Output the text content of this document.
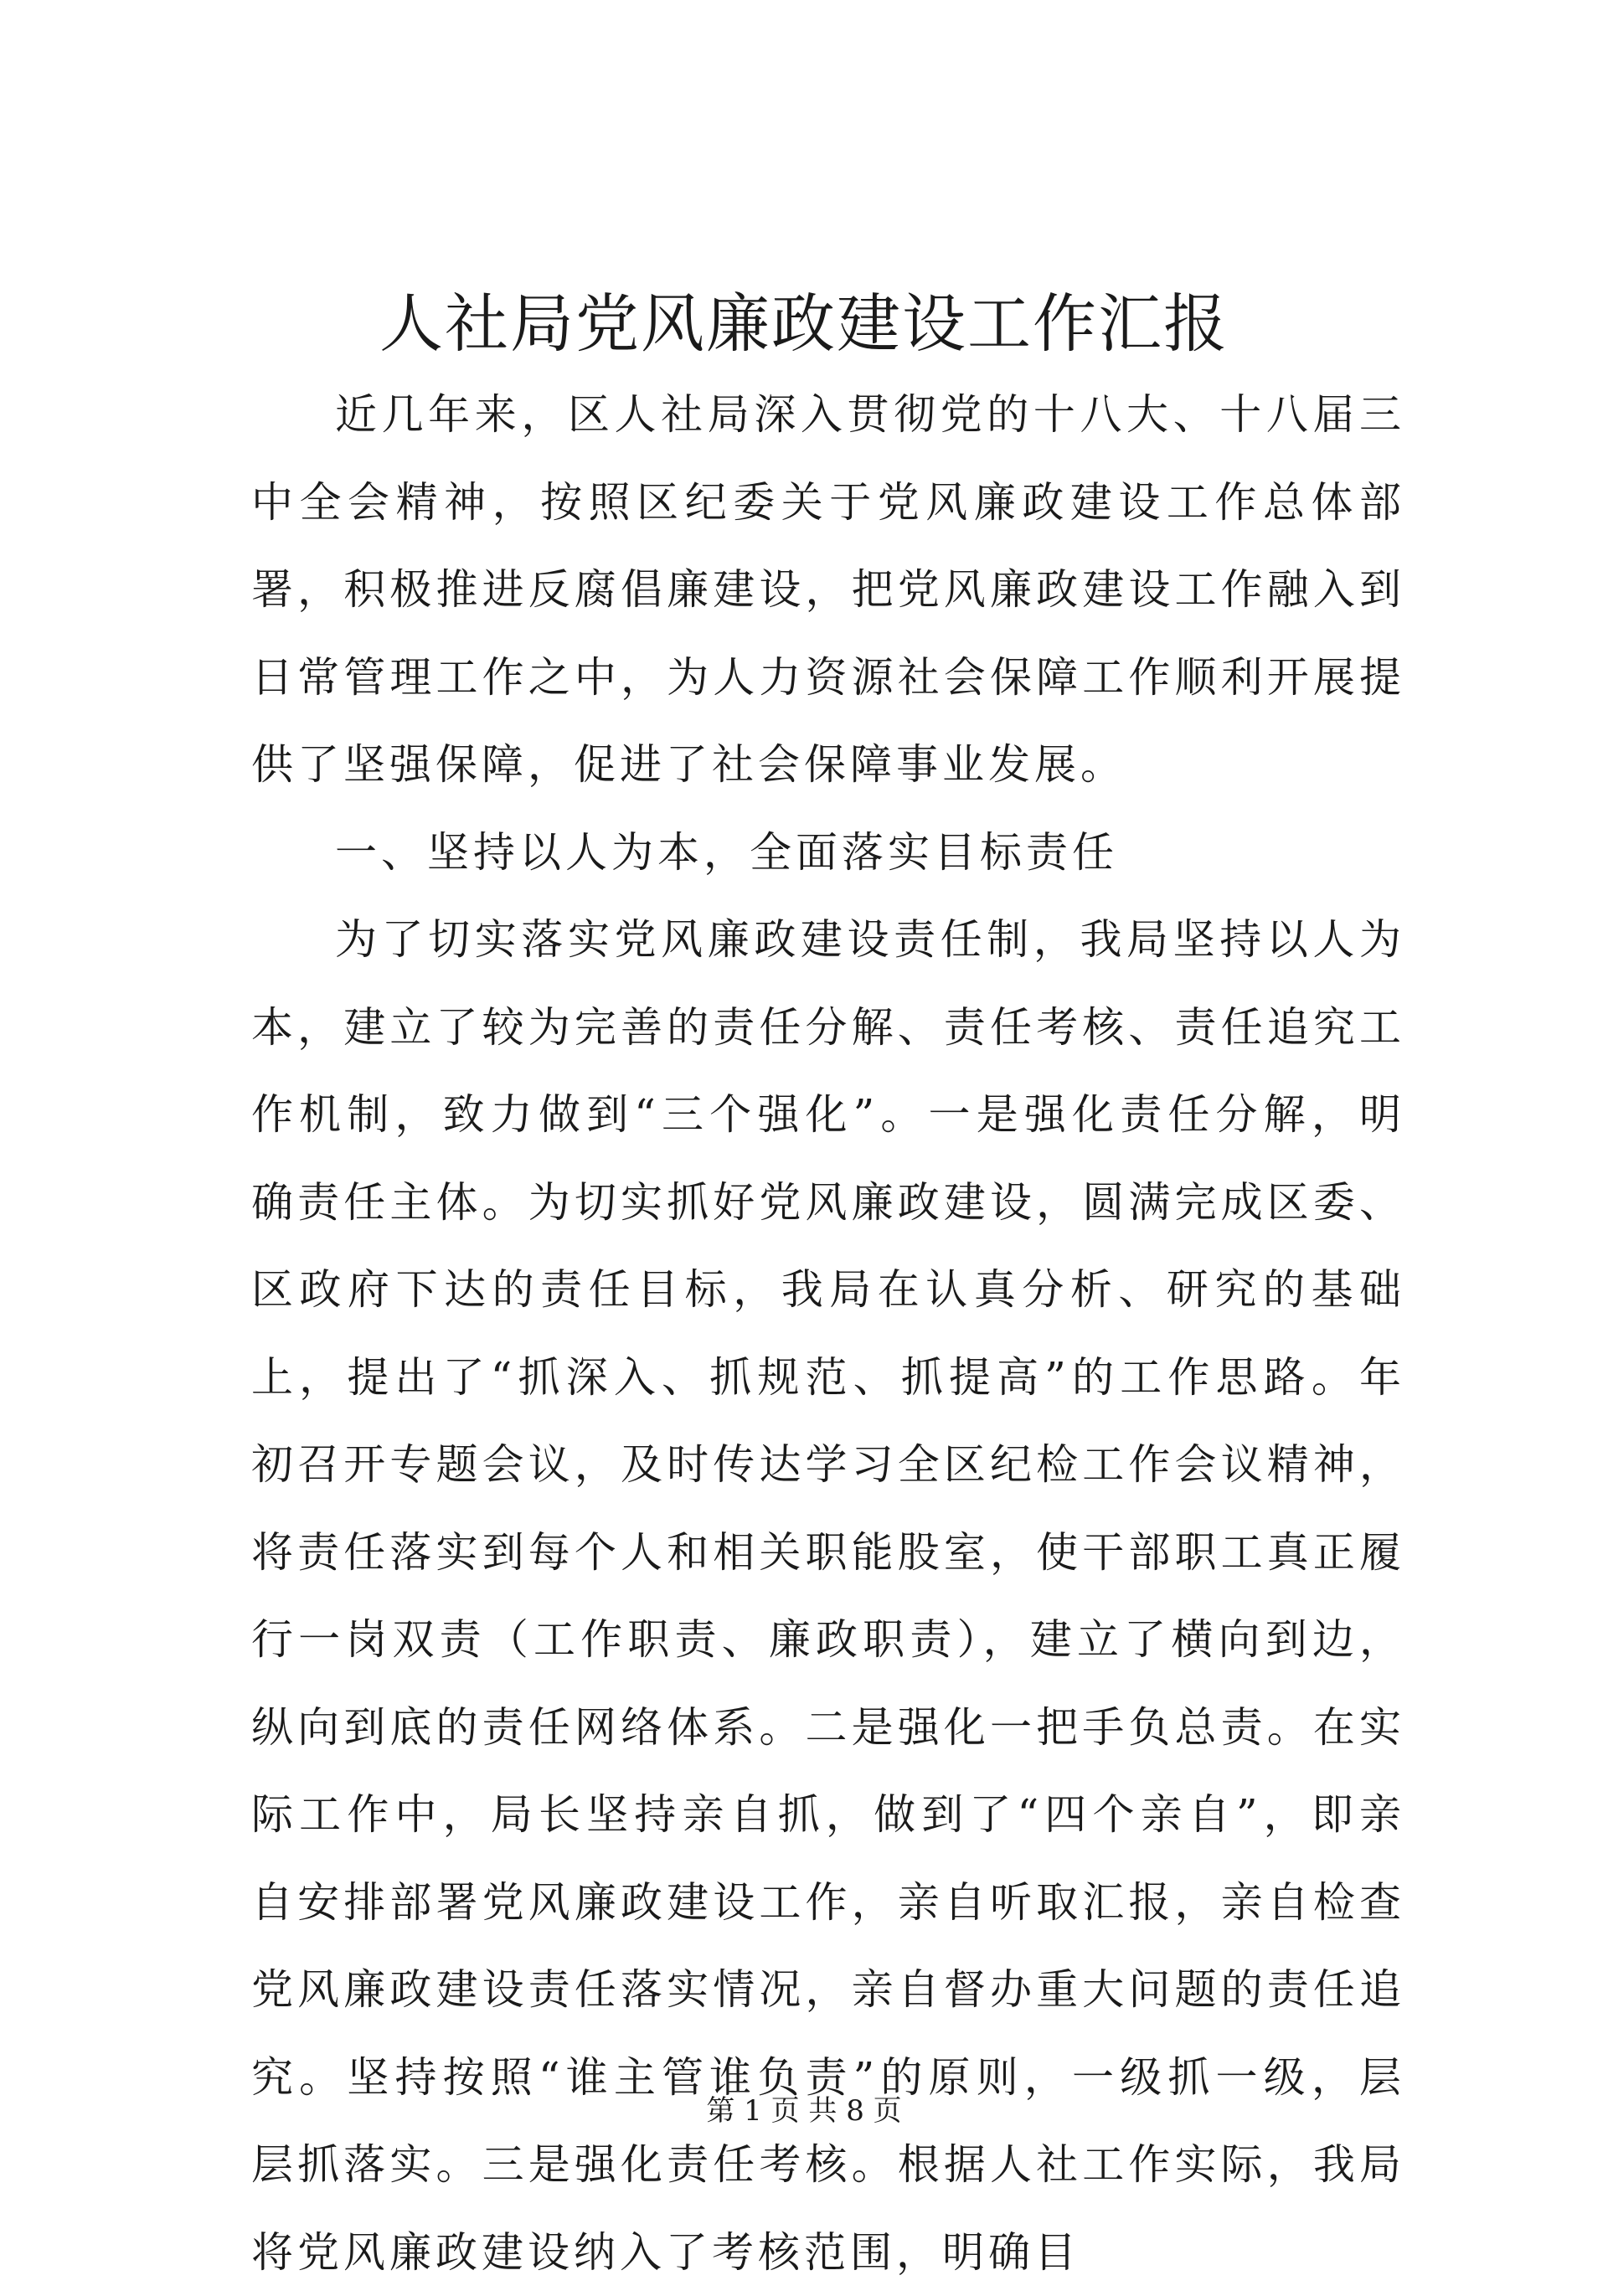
人社局党风廉政建设工作汇报

近几年来，区人社局深入贯彻党的十八大、十八届三中全会精神，按照区纪委关于党风廉政建设工作总体部署，积极推进反腐倡廉建设，把党风廉政建设工作融入到日常管理工作之中，为人力资源社会保障工作顺利开展提供了坚强保障，促进了社会保障事业发展。

一、坚持以人为本，全面落实目标责任

为了切实落实党风廉政建设责任制，我局坚持以人为本，建立了较为完善的责任分解、责任考核、责任追究工作机制，致力做到“三个强化”。一是强化责任分解，明确责任主体。为切实抓好党风廉政建设，圆满完成区委、区政府下达的责任目标，我局在认真分析、研究的基础上，提出了“抓深入、抓规范、抓提高”的工作思路。年初召开专题会议，及时传达学习全区纪检工作会议精神，将责任落实到每个人和相关职能股室，使干部职工真正履行一岗双责（工作职责、廉政职责），建立了横向到边，纵向到底的责任网络体系。二是强化一把手负总责。在实际工作中，局长坚持亲自抓，做到了“四个亲自”，即亲自安排部署党风廉政建设工作，亲自听取汇报，亲自检查党风廉政建设责任落实情况，亲自督办重大问题的责任追究。坚持按照“谁主管谁负责”的原则，一级抓一级，层层抓落实。三是强化责任考核。根据人社工作实际，我局将党风廉政建设纳入了考核范围，明确目

第 1 页 共 8 页
